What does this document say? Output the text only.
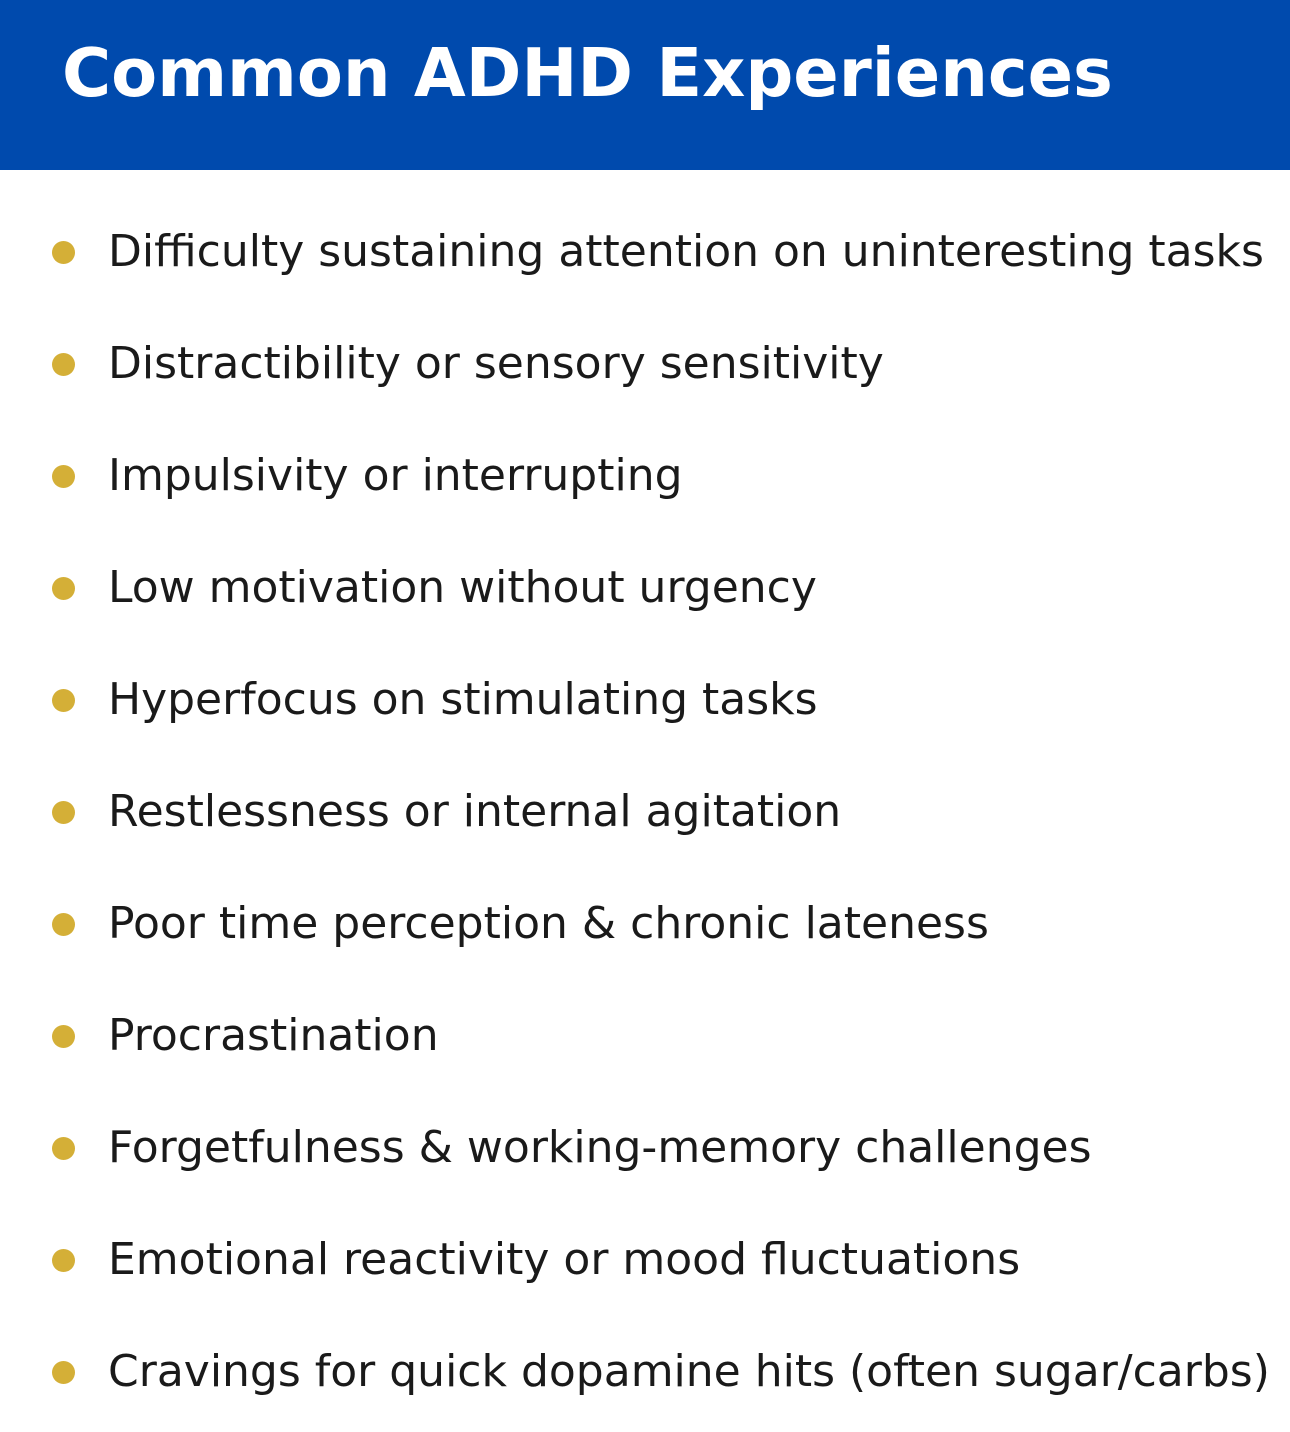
Common ADHD Experiences
Difficulty sustaining attention on uninteresting tasks
Distractibility or sensory sensitivity
Impulsivity or interrupting
Low motivation without urgency
Hyperfocus on stimulating tasks
Restlessness or internal agitation
Poor time perception & chronic lateness
Procrastination
Forgetfulness & working-memory challenges
Emotional reactivity or mood fluctuations
Cravings for quick dopamine hits (often sugar/carbs)
